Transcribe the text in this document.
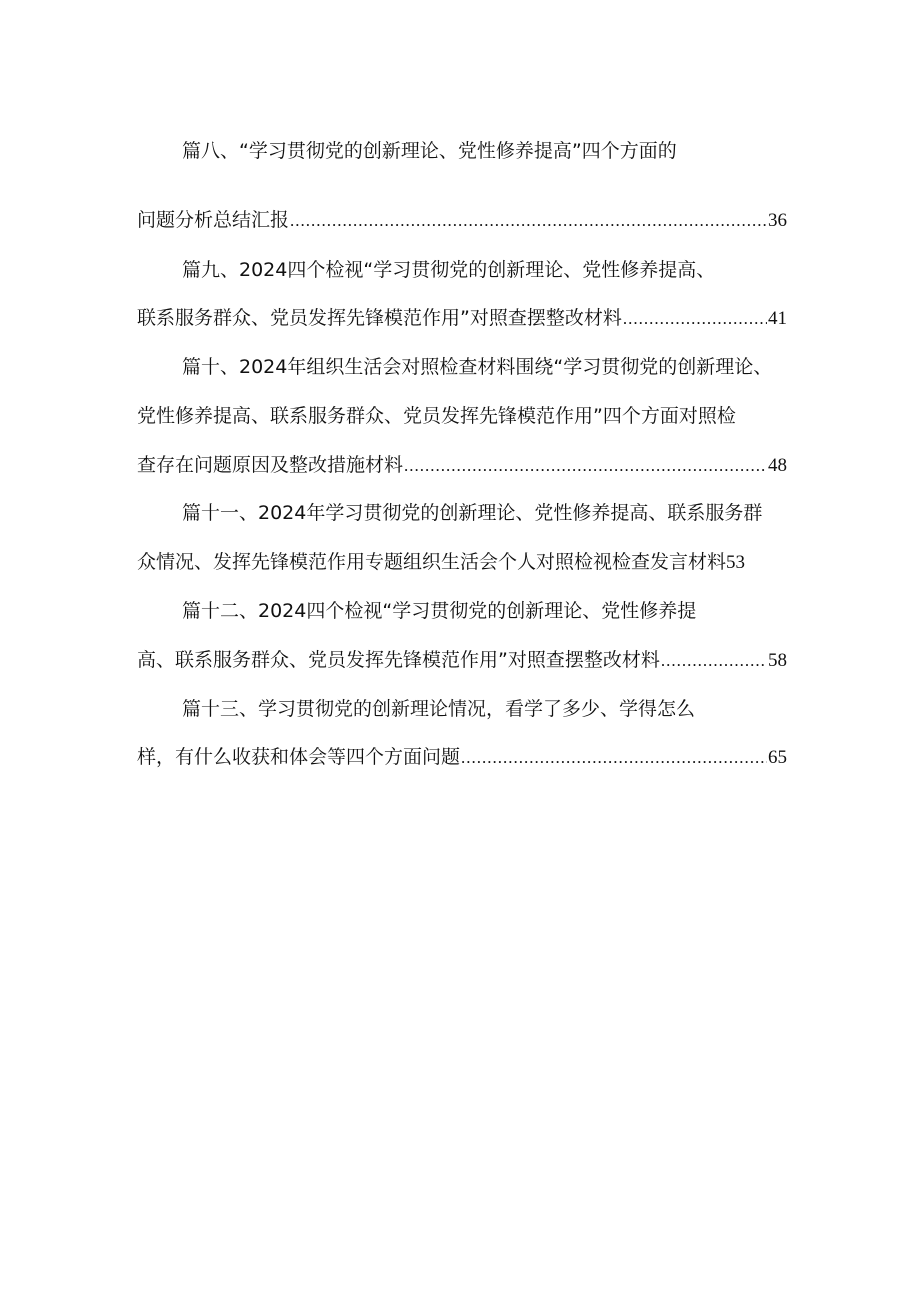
篇八、“学习贯彻党的创新理论、党性修养提高”四个方面的
问题分析总结汇报 .....	36
篇九、2024四个检视“学习贯彻党的创新理论、党性修养提高、
联系服务群众、党员发挥先锋模范作用”对照查摆整改材料 .....	41
篇十、2024年组织生活会对照检查材料围绕“学习贯彻党的创新理论、
党性修养提高、联系服务群众、党员发挥先锋模范作用”四个方面对照检
查存在问题原因及整改措施材料 .....	48
篇十一、2024年学习贯彻党的创新理论、党性修养提高、联系服务群
众情况、发挥先锋模范作用专题组织生活会个人对照检视检查发言材料 53
篇十二、2024四个检视“学习贯彻党的创新理论、党性修养提
高、联系服务群众、党员发挥先锋模范作用”对照查摆整改材料 .....	58
篇十三、学习贯彻党的创新理论情况，看学了多少、学得怎么
样，有什么收获和体会等四个方面问题 .....	65
